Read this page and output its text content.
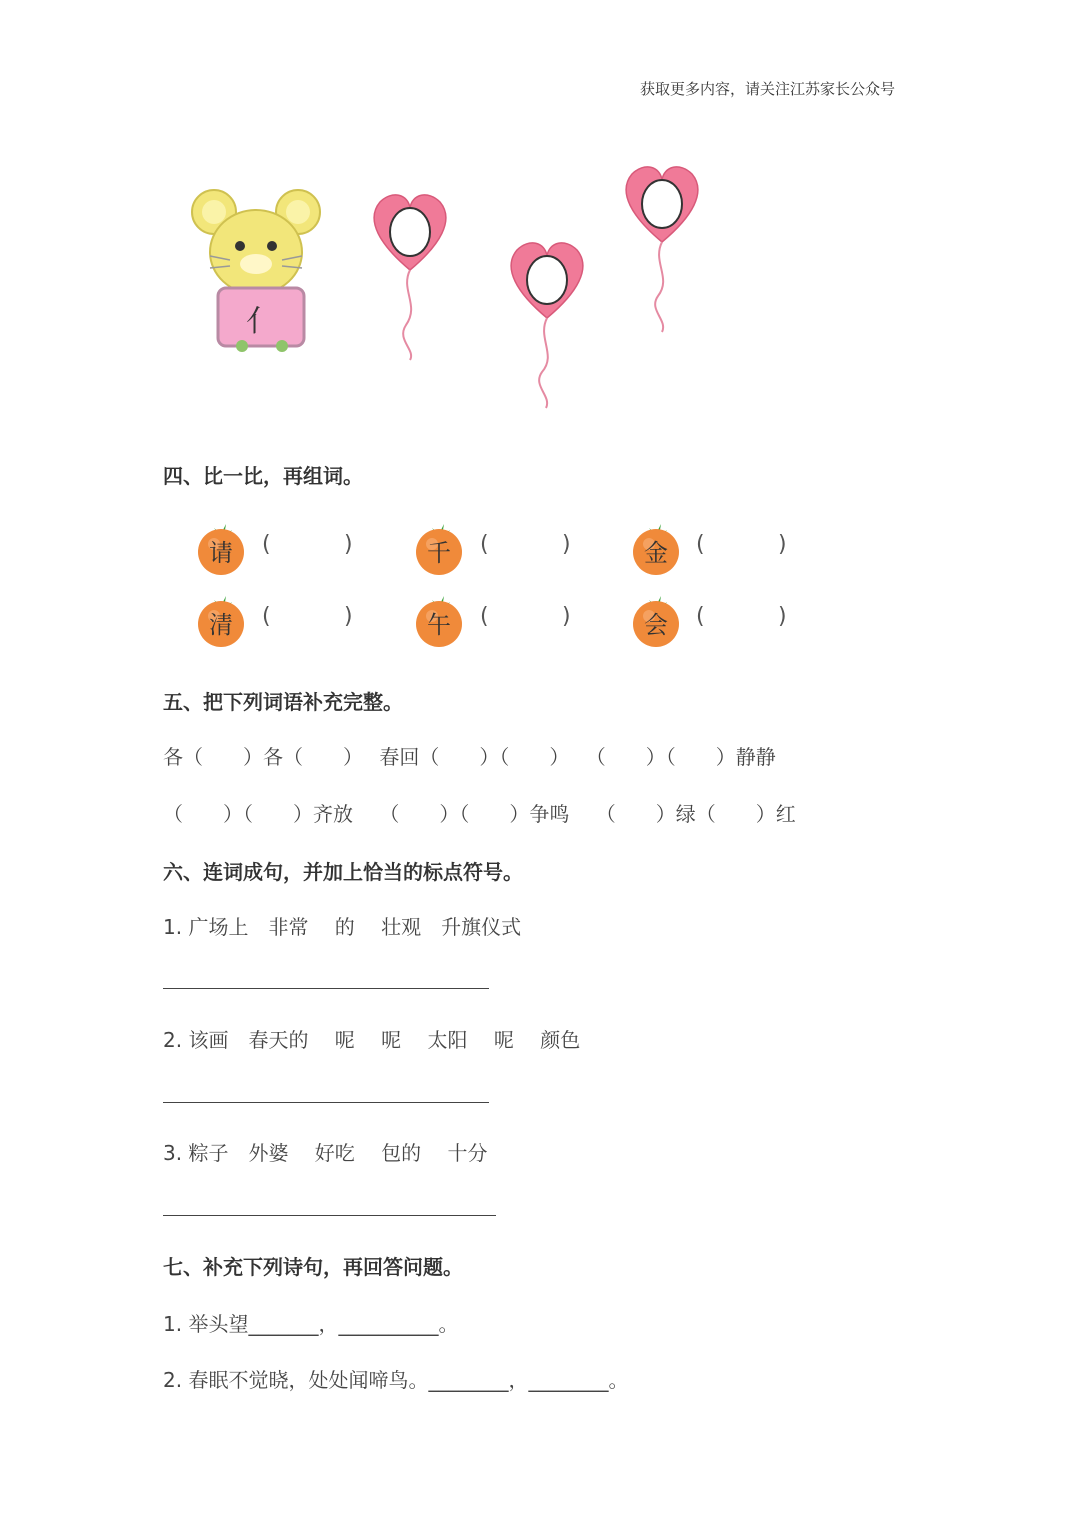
获取更多内容，请关注江苏家长公众号
亻
四、比一比，再组词。
请	(	)	千	(	)	金	(	)
清	(	)	午	(	)	会	(	)
五、把下列词语补充完整。
各（　　）各（　　）　 春回（　　）（　　）　 （　　）（　　）静静
（　　）（　　）齐放　 （　　）（　　）争鸣　 （　　）绿（　　）红
六、连词成句，并加上恰当的标点符号。
1. 广场上　非常　 的　 壮观　升旗仪式
2. 该画　春天的　 呢　 呢　 太阳　 呢　 颜色
3. 粽子　外婆　 好吃　 包的　 十分
七、补充下列诗句，再回答问题。
1. 举头望_______，__________。
2. 春眠不觉晓，处处闻啼鸟。________，________。
